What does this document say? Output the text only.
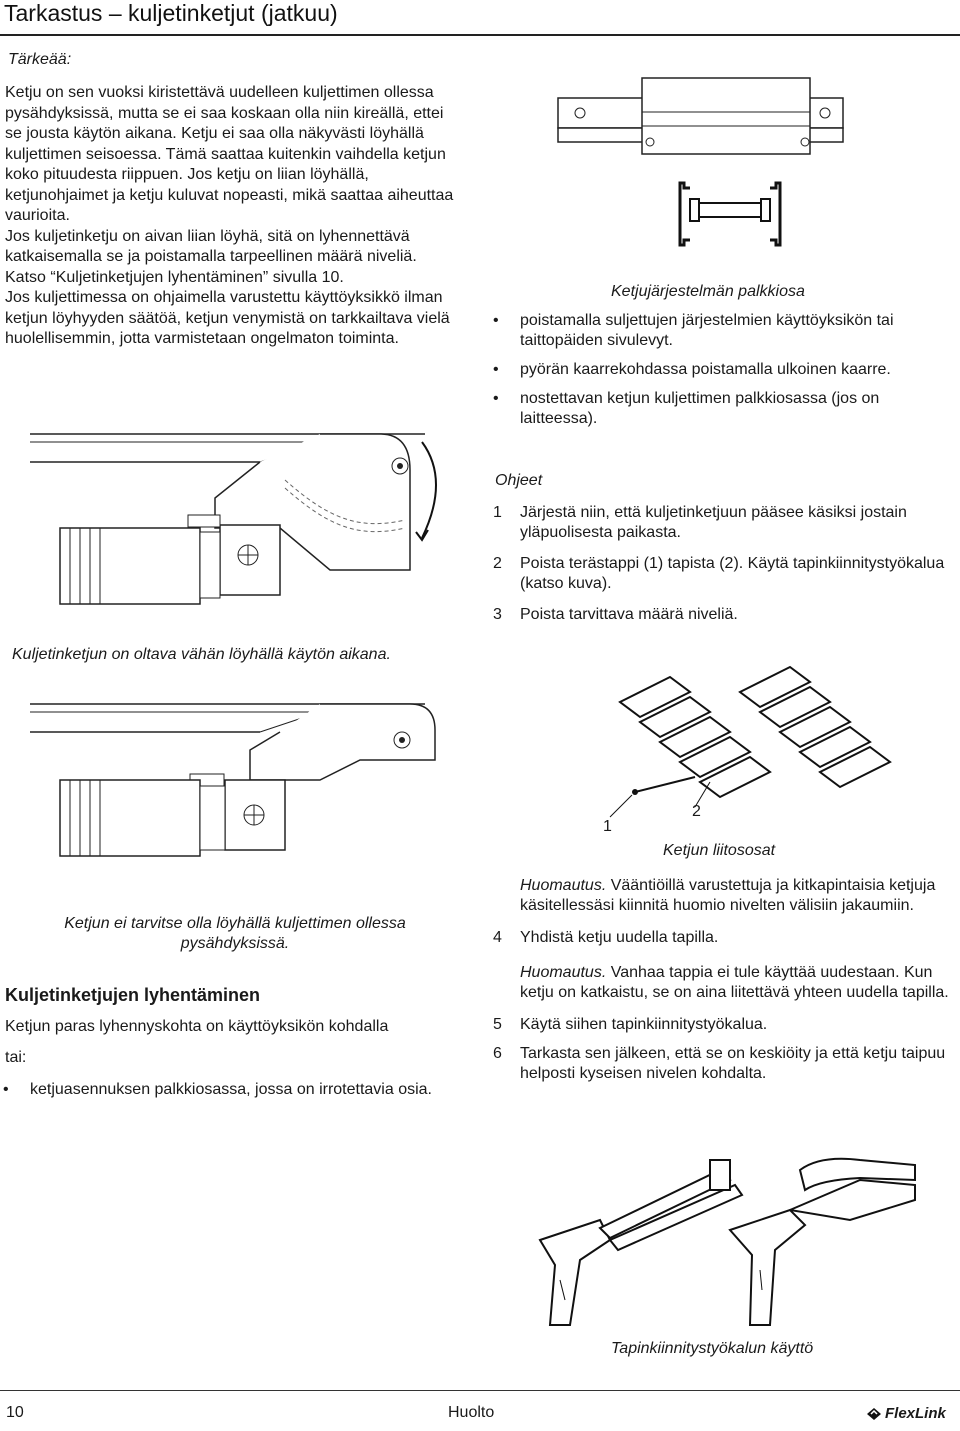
Tarkastus – kuljetinketjut (jatkuu)
Tärkeää:

Ketju on sen vuoksi kiristettävä uudelleen kuljettimen ollessa pysähdyksissä, mutta se ei saa koskaan olla niin kireällä, ettei se jousta käytön aikana. Ketju ei saa olla näkyvästi löyhällä kuljettimen seisoessa. Tämä saattaa kuitenkin vaihdella ketjun koko pituudesta riippuen. Jos ketju on liian löyhällä, ketjunohjaimet ja ketju kuluvat nopeasti, mikä saattaa aiheuttaa vaurioita.

Jos kuljetinketju on aivan liian löyhä, sitä on lyhennettävä katkaisemalla se ja poistamalla tarpeellinen määrä niveliä. Katso “Kuljetinketjujen lyhentäminen” sivulla 10.

Jos kuljettimessa on ohjaimella varustettu käyttöyksikkö ilman ketjun löyhyyden säätöä, ketjun venymistä on tarkkailtava vielä huolellisemmin, jotta varmistetaan ongelmaton toiminta.

Ketjujärjestelmän palkkiosa
• poistamalla suljettujen järjestelmien käyttöyksikön tai taittopäiden sivulevyt.
• pyörän kaarrekohdassa poistamalla ulkoinen kaarre.
• nostettavan ketjun kuljettimen palkkiosassa (jos on laitteessa).
Kuljetinketjun on oltava vähän löyhällä käytön aikana.
Ohjeet
1 Järjestä niin, että kuljetinketjuun pääsee käsiksi jostain yläpuolisesta paikasta.
2 Poista terästappi (1) tapista (2). Käytä tapinkiinnitystyökalua (katso kuva).
3 Poista tarvittava määrä niveliä.
1
2
Ketjun liitososat
Ketjun ei tarvitse olla löyhällä kuljettimen ollessa pysähdyksissä.
Huomautus. Vääntiöillä varustettuja ja kitkapintaisia ketjuja käsitellessäsi kiinnitä huomio nivelten välisiin jakaumiin.
4 Yhdistä ketju uudella tapilla.
Huomautus. Vanhaa tappia ei tule käyttää uudestaan. Kun ketju on katkaistu, se on aina liitettävä yhteen uudella tapilla.
5 Käytä siihen tapinkiinnitystyökalua.
6 Tarkasta sen jälkeen, että se on keskiöity ja että ketju taipuu helposti kyseisen nivelen kohdalta.
Kuljetinketjujen lyhentäminen
Ketjun paras lyhennyskohta on käyttöyksikön kohdalla
tai:
• ketjuasennuksen palkkiosassa, jossa on irrotettavia osia.
Tapinkiinnitystyökalun käyttö
10	Huolto	FlexLink
